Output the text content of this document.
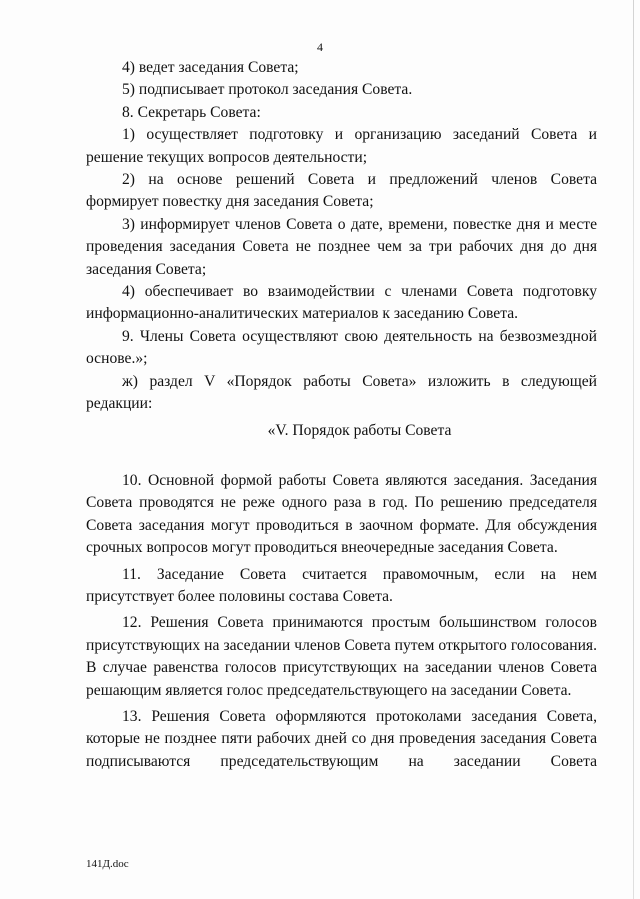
4

4) ведет заседания Совета;

5) подписывает протокол заседания Совета.

8. Секретарь Совета:

1) осуществляет подготовку и организацию заседаний Совета и решение текущих вопросов деятельности;

2) на основе решений Совета и предложений членов Совета формирует повестку дня заседания Совета;

3) информирует членов Совета о дате, времени, повестке дня и месте проведения заседания Совета не позднее чем за три рабочих дня до дня заседания Совета;

4) обеспечивает во взаимодействии с членами Совета подготовку информационно-аналитических материалов к заседанию Совета.

9. Члены Совета осуществляют свою деятельность на безвозмездной основе.»;

ж) раздел V «Порядок работы Совета» изложить в следующей редакции:

«V. Порядок работы Совета

10. Основной формой работы Совета являются заседания. Заседания Совета проводятся не реже одного раза в год. По решению председателя Совета заседания могут проводиться в заочном формате. Для обсуждения срочных вопросов могут проводиться внеочередные заседания Совета.

11. Заседание Совета считается правомочным, если на нем присутствует более половины состава Совета.

12. Решения Совета принимаются простым большинством голосов присутствующих на заседании членов Совета путем открытого голосования. В случае равенства голосов присутствующих на заседании членов Совета решающим является голос председательствующего на заседании Совета.

13. Решения Совета оформляются протоколами заседания Совета, которые не позднее пяти рабочих дней со дня проведения заседания Совета подписываются председательствующим на заседании Совета

141Д.doc
